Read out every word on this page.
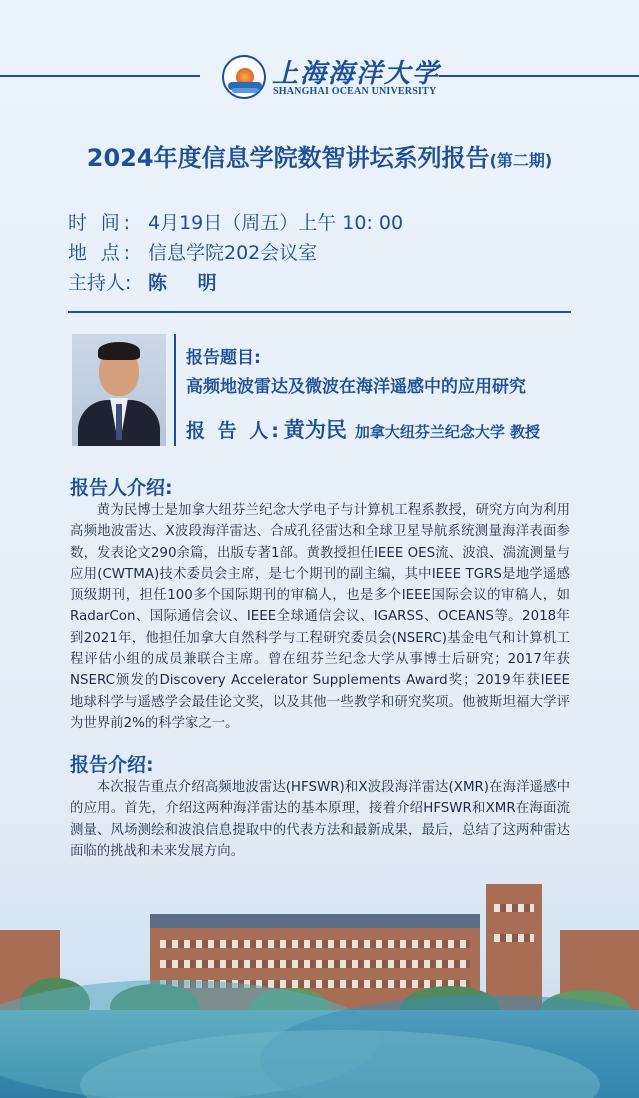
上海海洋大学
SHANGHAI OCEAN UNIVERSITY
2024年度信息学院数智讲坛系列报告(第二期)
时 间: 4月19日（周五）上午 10: 00
地 点: 信息学院202会议室
主持人: 陈 明
报告题目:
高频地波雷达及微波在海洋遥感中的应用研究
报 告 人:黄为民 加拿大纽芬兰纪念大学 教授
报告人介绍:
黄为民博士是加拿大纽芬兰纪念大学电子与计算机工程系教授，研究方向为利用高频地波雷达、X波段海洋雷达、合成孔径雷达和全球卫星导航系统测量海洋表面参数，发表论文290余篇，出版专著1部。黄教授担任IEEE OES流、波浪、湍流测量与应用(CWTMA)技术委员会主席，是七个期刊的副主编，其中IEEE TGRS是地学遥感顶级期刊，担任100多个国际期刊的审稿人，也是多个IEEE国际会议的审稿人，如RadarCon、国际通信会议、IEEE全球通信会议、IGARSS、OCEANS等。2018年到2021年，他担任加拿大自然科学与工程研究委员会(NSERC)基金电气和计算机工程评估小组的成员兼联合主席。曾在纽芬兰纪念大学从事博士后研究；2017年获NSERC颁发的Discovery Accelerator Supplements Award奖；2019年获IEEE地球科学与遥感学会最佳论文奖，以及其他一些教学和研究奖项。他被斯坦福大学评为世界前2%的科学家之一。
报告介绍:
本次报告重点介绍高频地波雷达(HFSWR)和X波段海洋雷达(XMR)在海洋遥感中的应用。首先，介绍这两种海洋雷达的基本原理，接着介绍HFSWR和XMR在海面流测量、风场测绘和波浪信息提取中的代表方法和最新成果，最后，总结了这两种雷达面临的挑战和未来发展方向。
